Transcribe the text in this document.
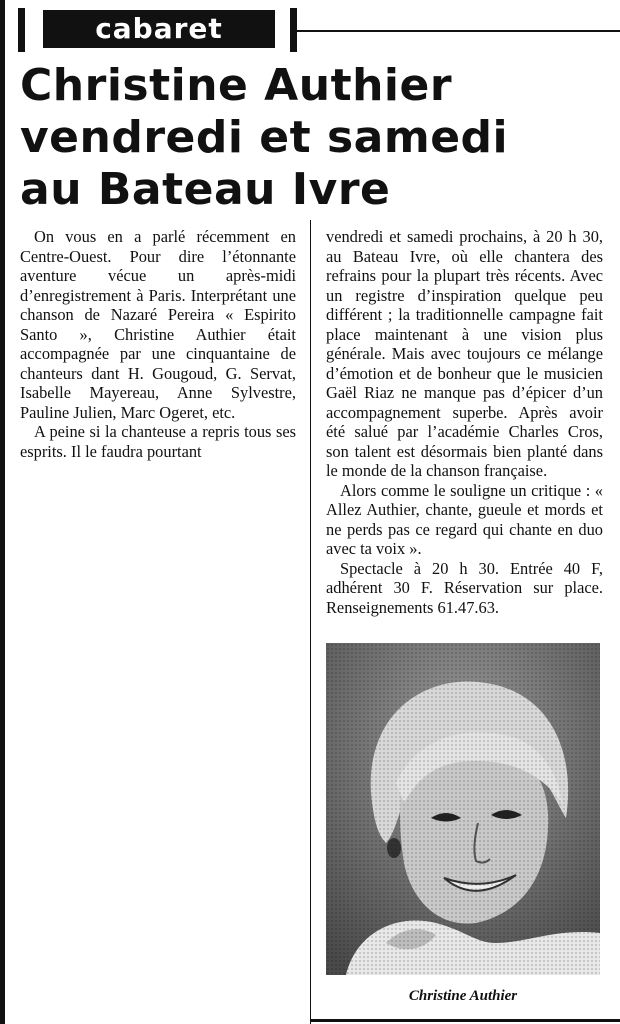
cabaret
Christine Authier
vendredi et samedi
au Bateau Ivre

On vous en a parlé récemment en Centre-Ouest. Pour dire l’étonnante aventure vécue un après-midi d’enregistrement à Paris. Interprétant une chanson de Nazaré Pereira « Espirito Santo », Christine Authier était accompagnée par une cinquantaine de chanteurs dant H. Gougoud, G. Servat, Isabelle Mayereau, Anne Sylvestre, Pauline Julien, Marc Ogeret, etc.

A peine si la chanteuse a repris tous ses esprits. Il le faudra pourtant

vendredi et samedi prochains, à 20 h 30, au Bateau Ivre, où elle chantera des refrains pour la plupart très récents. Avec un registre d’inspiration quelque peu différent ; la traditionnelle campagne fait place maintenant à une vision plus générale. Mais avec toujours ce mélange d’émotion et de bonheur que le musicien Gaël Riaz ne manque pas d’épicer d’un accompagnement superbe. Après avoir été salué par l’académie Charles Cros, son talent est désormais bien planté dans le monde de la chanson française.

Alors comme le souligne un critique : « Allez Authier, chante, gueule et mords et ne perds pas ce regard qui chante en duo avec ta voix ».

Spectacle à 20 h 30. Entrée 40 F, adhérent 30 F. Réservation sur place. Renseignements 61.47.63.

Christine Authier
